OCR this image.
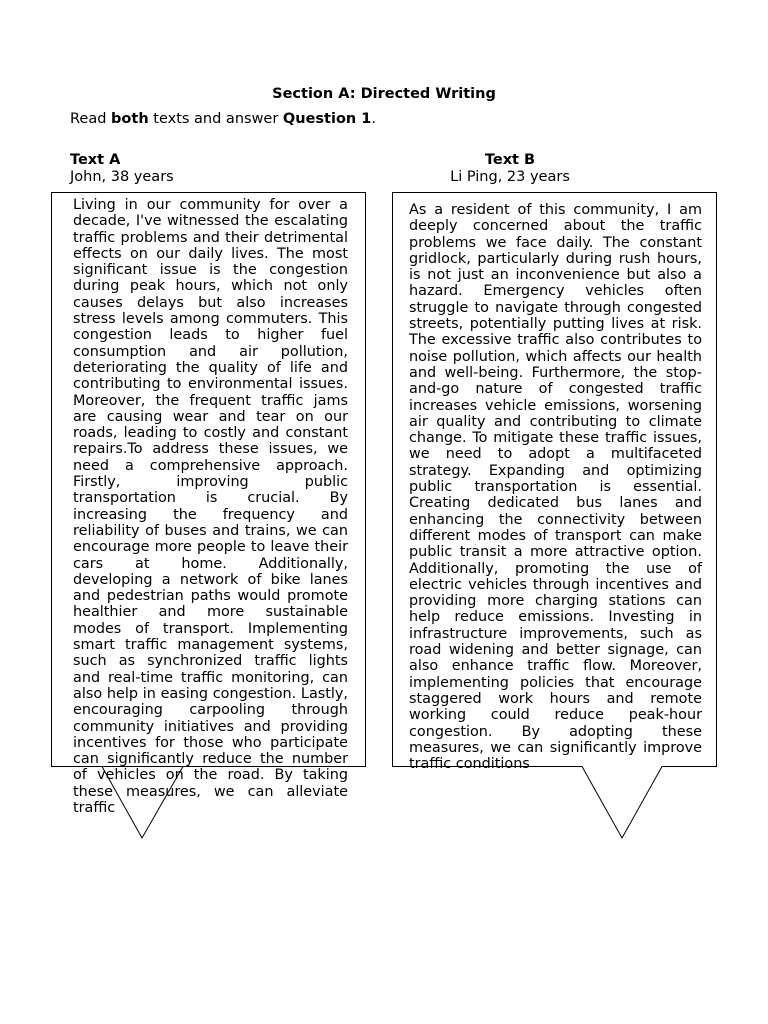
Section A: Directed Writing
Read both texts and answer Question 1.
Text A
John, 38 years
Text B
Li Ping, 23 years
Living in our community for over a decade, I've witnessed the escalating traffic problems and their detrimental effects on our daily lives. The most significant issue is the congestion during peak hours, which not only causes delays but also increases stress levels among commuters. This congestion leads to higher fuel consumption and air pollution, deteriorating the quality of life and contributing to environmental issues. Moreover, the frequent traffic jams are causing wear and tear on our roads, leading to costly and constant repairs.To address these issues, we need a comprehensive approach. Firstly, improving public transportation is crucial. By increasing the frequency and reliability of buses and trains, we can encourage more people to leave their cars at home. Additionally, developing a network of bike lanes and pedestrian paths would promote healthier and more sustainable modes of transport. Implementing smart traffic management systems, such as synchronized traffic lights and real-time traffic monitoring, can also help in easing congestion. Lastly, encouraging carpooling through community initiatives and providing incentives for those who participate can significantly reduce the number of vehicles on the road. By taking these measures, we can alleviate traffic
As a resident of this community, I am deeply concerned about the traffic problems we face daily. The constant gridlock, particularly during rush hours, is not just an inconvenience but also a hazard. Emergency vehicles often struggle to navigate through congested streets, potentially putting lives at risk. The excessive traffic also contributes to noise pollution, which affects our health and well-being. Furthermore, the stop-and-go nature of congested traffic increases vehicle emissions, worsening air quality and contributing to climate change. To mitigate these traffic issues, we need to adopt a multifaceted strategy. Expanding and optimizing public transportation is essential. Creating dedicated bus lanes and enhancing the connectivity between different modes of transport can make public transit a more attractive option. Additionally, promoting the use of electric vehicles through incentives and providing more charging stations can help reduce emissions. Investing in infrastructure improvements, such as road widening and better signage, can also enhance traffic flow. Moreover, implementing policies that encourage staggered work hours and remote working could reduce peak-hour congestion. By adopting these measures, we can significantly improve traffic conditions
